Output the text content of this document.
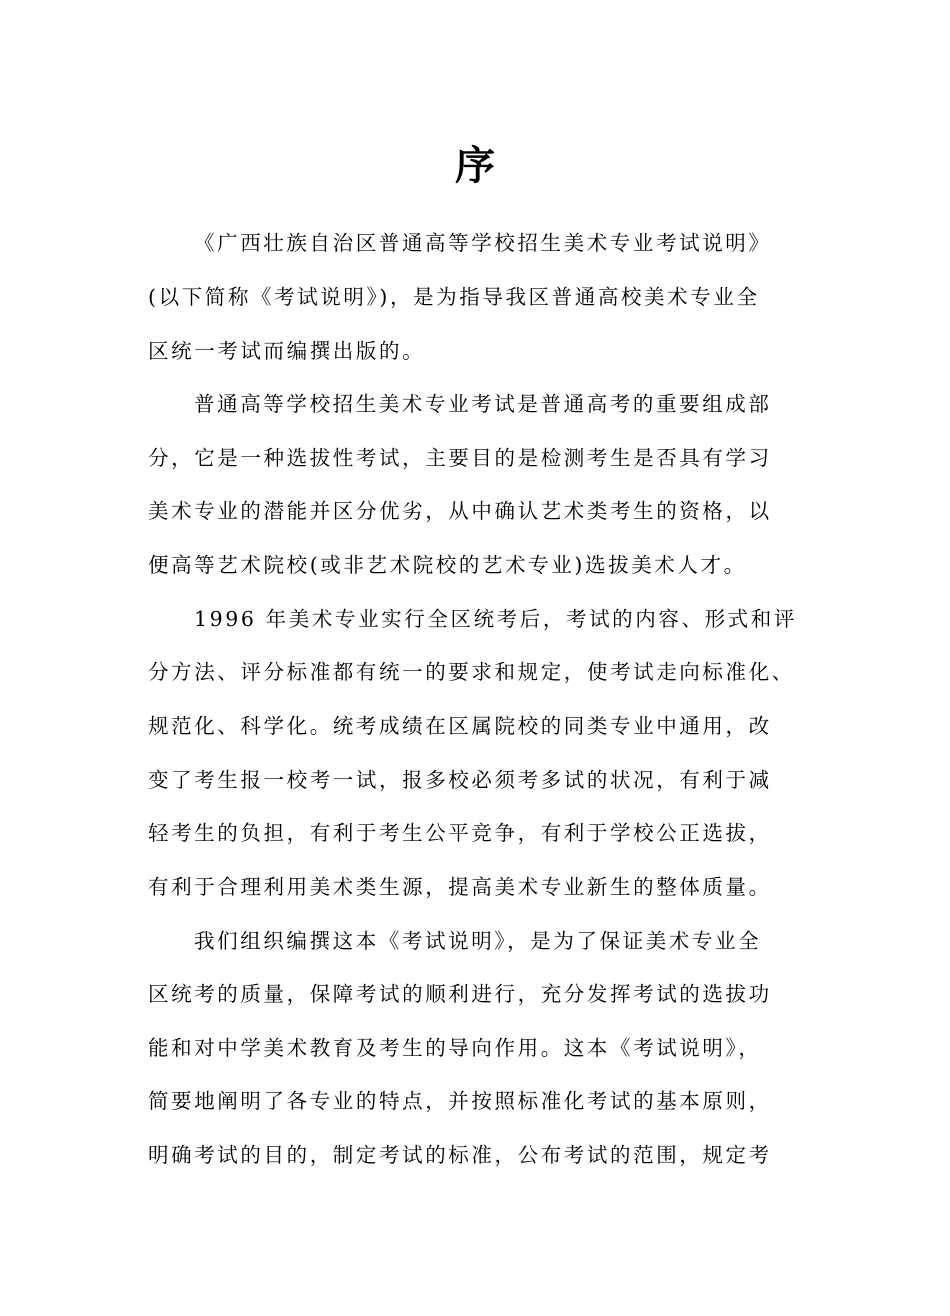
序
《广西壮族自治区普通高等学校招生美术专业考试说明》
(以下简称《考试说明》)，是为指导我区普通高校美术专业全
区统一考试而编撰出版的。
普通高等学校招生美术专业考试是普通高考的重要组成部
分，它是一种选拔性考试，主要目的是检测考生是否具有学习
美术专业的潜能并区分优劣，从中确认艺术类考生的资格，以
便高等艺术院校(或非艺术院校的艺术专业)选拔美术人才。
1996 年美术专业实行全区统考后，考试的内容、形式和评
分方法、评分标准都有统一的要求和规定，使考试走向标准化、
规范化、科学化。统考成绩在区属院校的同类专业中通用，改
变了考生报一校考一试，报多校必须考多试的状况，有利于减
轻考生的负担，有利于考生公平竞争，有利于学校公正选拔，
有利于合理利用美术类生源，提高美术专业新生的整体质量。
我们组织编撰这本《考试说明》，是为了保证美术专业全
区统考的质量，保障考试的顺利进行，充分发挥考试的选拔功
能和对中学美术教育及考生的导向作用。这本《考试说明》，
简要地阐明了各专业的特点，并按照标准化考试的基本原则，
明确考试的目的，制定考试的标准，公布考试的范围，规定考
